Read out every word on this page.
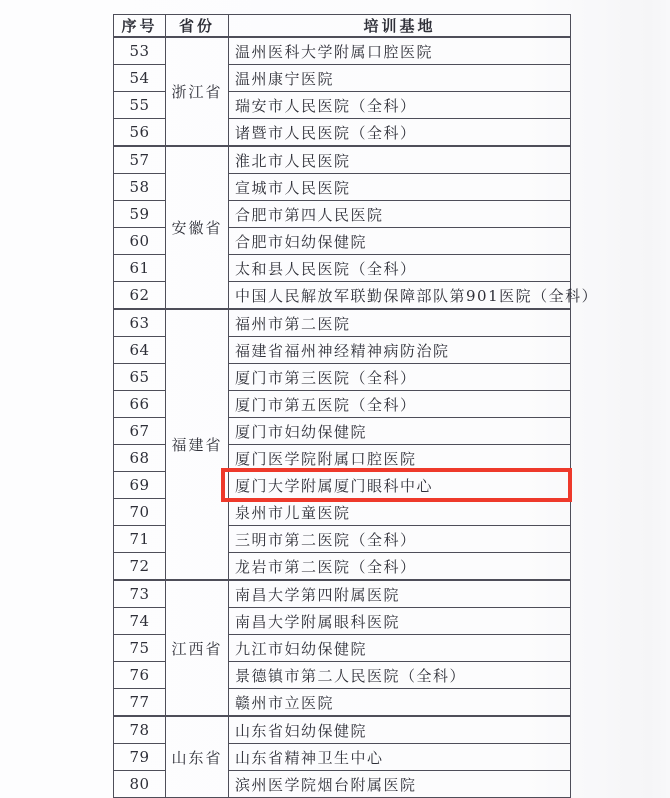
序号	省份	培训基地
53	浙江省	温州医科大学附属口腔医院
54		温州康宁医院
55		瑞安市人民医院（全科）
56		诸暨市人民医院（全科）
57	安徽省	淮北市人民医院
58		宣城市人民医院
59		合肥市第四人民医院
60		合肥市妇幼保健院
61		太和县人民医院（全科）
62		中国人民解放军联勤保障部队第901医院（全科）
63	福建省	福州市第二医院
64		福建省福州神经精神病防治院
65		厦门市第三医院（全科）
66		厦门市第五医院（全科）
67		厦门市妇幼保健院
68		厦门医学院附属口腔医院
69		厦门大学附属厦门眼科中心

70		泉州市儿童医院
71		三明市第二医院（全科）
72		龙岩市第二医院（全科）
73	江西省	南昌大学第四附属医院
74		南昌大学附属眼科医院
75		九江市妇幼保健院
76		景德镇市第二人民医院（全科）
77		赣州市立医院
78	山东省	山东省妇幼保健院
79		山东省精神卫生中心
80		滨州医学院烟台附属医院
